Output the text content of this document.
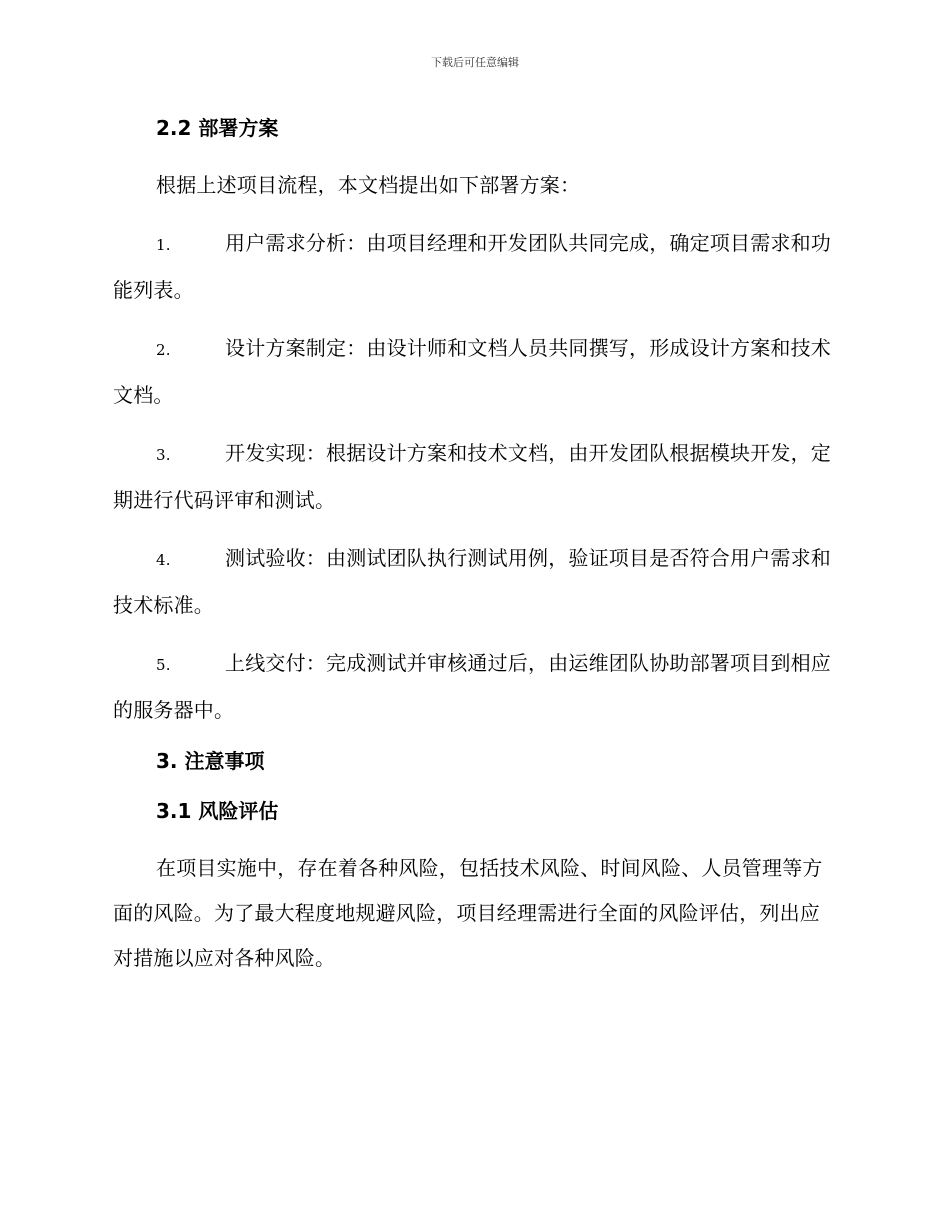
下载后可任意编辑
2.2 部署方案
根据上述项目流程，本文档提出如下部署方案：
1.	用户需求分析：由项目经理和开发团队共同完成，确定项目需求和功能列表。
2.	设计方案制定：由设计师和文档人员共同撰写，形成设计方案和技术文档。
3.	开发实现：根据设计方案和技术文档，由开发团队根据模块开发，定期进行代码评审和测试。
4.	测试验收：由测试团队执行测试用例，验证项目是否符合用户需求和技术标准。
5.	上线交付：完成测试并审核通过后，由运维团队协助部署项目到相应的服务器中。
3. 注意事项
3.1 风险评估
在项目实施中，存在着各种风险，包括技术风险、时间风险、人员管理等方面的风险。为了最大程度地规避风险，项目经理需进行全面的风险评估，列出应对措施以应对各种风险。
